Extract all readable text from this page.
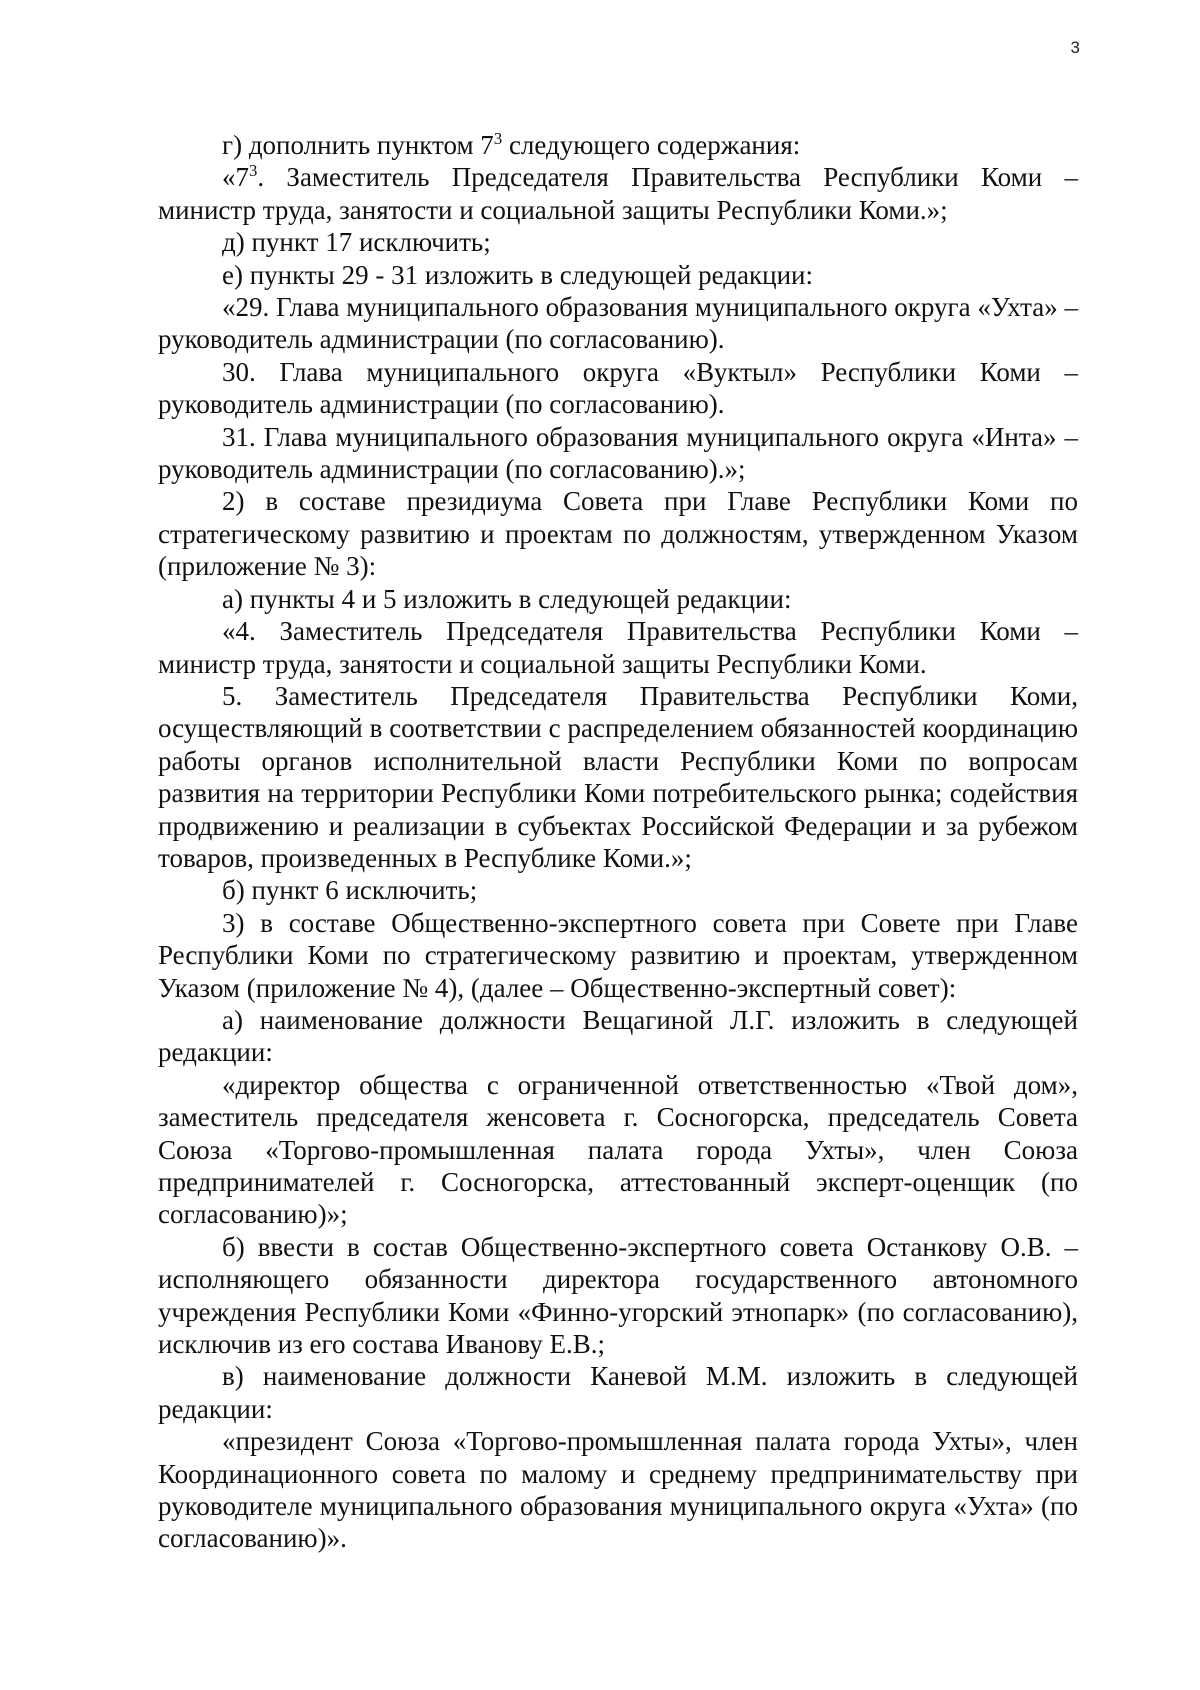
3

г) дополнить пунктом $7^3$ следующего содержания:

«$7^3$. Заместитель Председателя Правительства Республики Коми – министр труда, занятости и социальной защиты Республики Коми.»;

д) пункт 17 исключить;

е) пункты 29 - 31 изложить в следующей редакции:

«29. Глава муниципального образования муниципального округа «Ухта» – руководитель администрации (по согласованию).

30. Глава муниципального округа «Вуктыл» Республики Коми – руководитель администрации (по согласованию).

31. Глава муниципального образования муниципального округа «Инта» – руководитель администрации (по согласованию).»;

2) в составе президиума Совета при Главе Республики Коми по стратегическому развитию и проектам по должностям, утвержденном Указом (приложение № 3):

а) пункты 4 и 5 изложить в следующей редакции:

«4. Заместитель Председателя Правительства Республики Коми – министр труда, занятости и социальной защиты Республики Коми.

5. Заместитель Председателя Правительства Республики Коми, осуществляющий в соответствии с распределением обязанностей координацию работы органов исполнительной власти Республики Коми по вопросам развития на территории Республики Коми потребительского рынка; содействия продвижению и реализации в субъектах Российской Федерации и за рубежом товаров, произведенных в Республике Коми.»;

б) пункт 6 исключить;

3) в составе Общественно-экспертного совета при Совете при Главе Республики Коми по стратегическому развитию и проектам, утвержденном Указом (приложение № 4), (далее – Общественно-экспертный совет):

а) наименование должности Вещагиной Л.Г. изложить в следующей редакции:

«директор общества с ограниченной ответственностью «Твой дом», заместитель председателя женсовета г. Сосногорска, председатель Совета Союза «Торгово-промышленная палата города Ухты», член Союза предпринимателей г. Сосногорска, аттестованный эксперт-оценщик (по согласованию)»;

б) ввести в состав Общественно-экспертного совета Останкову О.В. – исполняющего обязанности директора государственного автономного учреждения Республики Коми «Финно-угорский этнопарк» (по согласованию), исключив из его состава Иванову Е.В.;

в) наименование должности Каневой М.М. изложить в следующей редакции:

«президент Союза «Торгово-промышленная палата города Ухты», член Координационного совета по малому и среднему предпринимательству при руководителе муниципального образования муниципального округа «Ухта» (по согласованию)».
